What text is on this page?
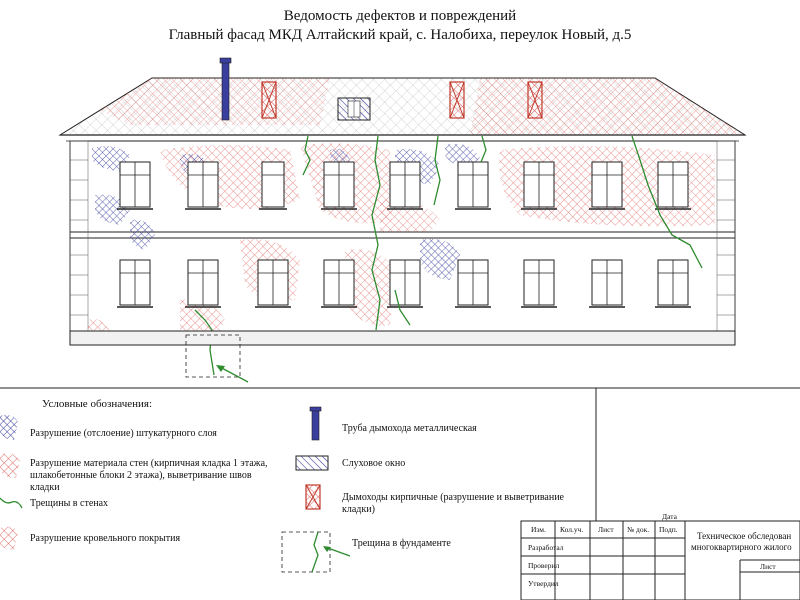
Ведомость дефектов и повреждений
Главный фасад МКД Алтайский край, с. Налобиха, переулок Новый, д.5
Условные обозначения:
Разрушение (отслоение) штукатурного слоя
Разрушение материала стен (кирпичная кладка 1 этажа, шлакобетонные блоки 2 этажа), выветривание швов кладки
Трещины в стенах
Разрушение кровельного покрытия
Труба дымохода металлическая
Слуховое окно
Дымоходы кирпичные (разрушение и выветривание кладки)
Трещина в фундаменте
Изм. Кол.уч. Лист № док. Подп.
Дата
Разработал
Проверил
Утвердил
Техническое обследован
многоквартирного жилого
Лист
